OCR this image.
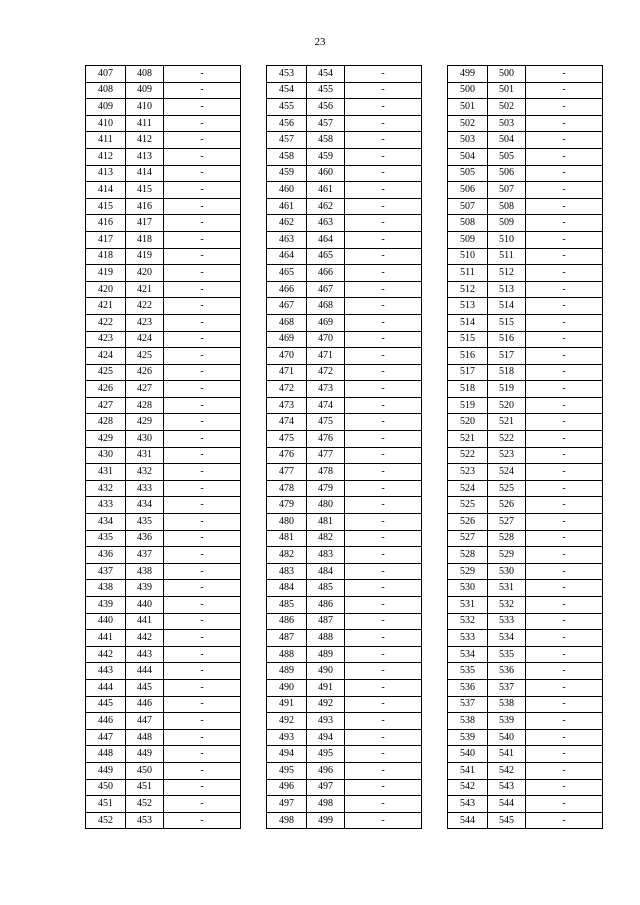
23
407	408	-
408	409	-
409	410	-
410	411	-
411	412	-
412	413	-
413	414	-
414	415	-
415	416	-
416	417	-
417	418	-
418	419	-
419	420	-
420	421	-
421	422	-
422	423	-
423	424	-
424	425	-
425	426	-
426	427	-
427	428	-
428	429	-
429	430	-
430	431	-
431	432	-
432	433	-
433	434	-
434	435	-
435	436	-
436	437	-
437	438	-
438	439	-
439	440	-
440	441	-
441	442	-
442	443	-
443	444	-
444	445	-
445	446	-
446	447	-
447	448	-
448	449	-
449	450	-
450	451	-
451	452	-
452	453	-
453	454	-
454	455	-
455	456	-
456	457	-
457	458	-
458	459	-
459	460	-
460	461	-
461	462	-
462	463	-
463	464	-
464	465	-
465	466	-
466	467	-
467	468	-
468	469	-
469	470	-
470	471	-
471	472	-
472	473	-
473	474	-
474	475	-
475	476	-
476	477	-
477	478	-
478	479	-
479	480	-
480	481	-
481	482	-
482	483	-
483	484	-
484	485	-
485	486	-
486	487	-
487	488	-
488	489	-
489	490	-
490	491	-
491	492	-
492	493	-
493	494	-
494	495	-
495	496	-
496	497	-
497	498	-
498	499	-
499	500	-
500	501	-
501	502	-
502	503	-
503	504	-
504	505	-
505	506	-
506	507	-
507	508	-
508	509	-
509	510	-
510	511	-
511	512	-
512	513	-
513	514	-
514	515	-
515	516	-
516	517	-
517	518	-
518	519	-
519	520	-
520	521	-
521	522	-
522	523	-
523	524	-
524	525	-
525	526	-
526	527	-
527	528	-
528	529	-
529	530	-
530	531	-
531	532	-
532	533	-
533	534	-
534	535	-
535	536	-
536	537	-
537	538	-
538	539	-
539	540	-
540	541	-
541	542	-
542	543	-
543	544	-
544	545	-
